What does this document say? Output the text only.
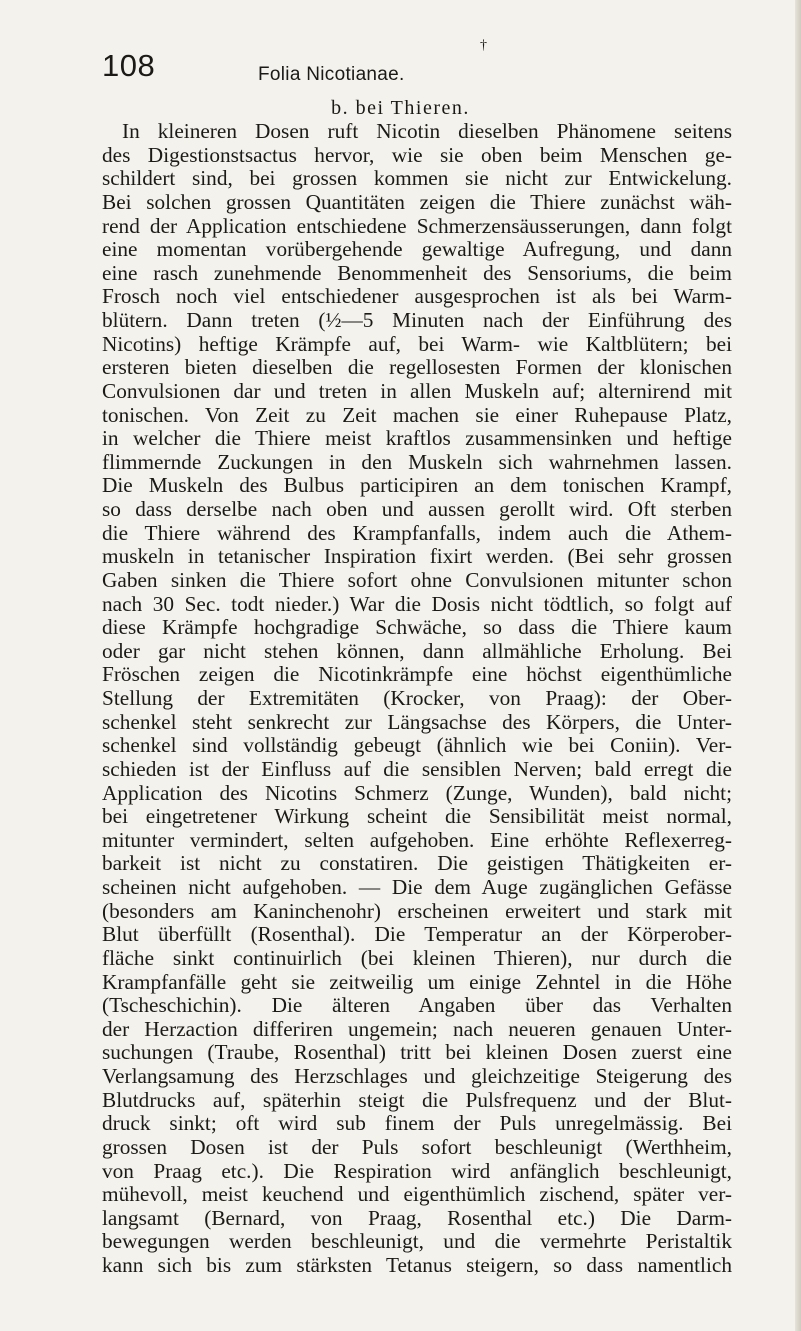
†
108	Folia Nicotianae.
b. bei Thieren.
In kleineren Dosen ruft Nicotin dieselben Phänomene seitens
des Digestionstsactus hervor, wie sie oben beim Menschen ge-
schildert sind, bei grossen kommen sie nicht zur Entwickelung.
Bei solchen grossen Quantitäten zeigen die Thiere zunächst wäh-
rend der Application entschiedene Schmerzensäusserungen, dann folgt
eine momentan vorübergehende gewaltige Aufregung, und dann
eine rasch zunehmende Benommenheit des Sensoriums, die beim
Frosch noch viel entschiedener ausgesprochen ist als bei Warm-
blütern. Dann treten (½—5 Minuten nach der Einführung des
Nicotins) heftige Krämpfe auf, bei Warm- wie Kaltblütern; bei
ersteren bieten dieselben die regellosesten Formen der klonischen
Convulsionen dar und treten in allen Muskeln auf; alternirend mit
tonischen. Von Zeit zu Zeit machen sie einer Ruhepause Platz,
in welcher die Thiere meist kraftlos zusammensinken und heftige
flimmernde Zuckungen in den Muskeln sich wahrnehmen lassen.
Die Muskeln des Bulbus participiren an dem tonischen Krampf,
so dass derselbe nach oben und aussen gerollt wird. Oft sterben
die Thiere während des Krampfanfalls, indem auch die Athem-
muskeln in tetanischer Inspiration fixirt werden. (Bei sehr grossen
Gaben sinken die Thiere sofort ohne Convulsionen mitunter schon
nach 30 Sec. todt nieder.) War die Dosis nicht tödtlich, so folgt auf
diese Krämpfe hochgradige Schwäche, so dass die Thiere kaum
oder gar nicht stehen können, dann allmähliche Erholung. Bei
Fröschen zeigen die Nicotinkrämpfe eine höchst eigenthümliche
Stellung der Extremitäten (Krocker, von Praag): der Ober-
schenkel steht senkrecht zur Längsachse des Körpers, die Unter-
schenkel sind vollständig gebeugt (ähnlich wie bei Coniin). Ver-
schieden ist der Einfluss auf die sensiblen Nerven; bald erregt die
Application des Nicotins Schmerz (Zunge, Wunden), bald nicht;
bei eingetretener Wirkung scheint die Sensibilität meist normal,
mitunter vermindert, selten aufgehoben. Eine erhöhte Reflexerreg-
barkeit ist nicht zu constatiren. Die geistigen Thätigkeiten er-
scheinen nicht aufgehoben. — Die dem Auge zugänglichen Gefässe
(besonders am Kaninchenohr) erscheinen erweitert und stark mit
Blut überfüllt (Rosenthal). Die Temperatur an der Körperober-
fläche sinkt continuirlich (bei kleinen Thieren), nur durch die
Krampfanfälle geht sie zeitweilig um einige Zehntel in die Höhe
(Tscheschichin). Die älteren Angaben über das Verhalten
der Herzaction differiren ungemein; nach neueren genauen Unter-
suchungen (Traube, Rosenthal) tritt bei kleinen Dosen zuerst eine
Verlangsamung des Herzschlages und gleichzeitige Steigerung des
Blutdrucks auf, späterhin steigt die Pulsfrequenz und der Blut-
druck sinkt; oft wird sub finem der Puls unregelmässig. Bei
grossen Dosen ist der Puls sofort beschleunigt (Werthheim,
von Praag etc.). Die Respiration wird anfänglich beschleunigt,
mühevoll, meist keuchend und eigenthümlich zischend, später ver-
langsamt (Bernard, von Praag, Rosenthal etc.) Die Darm-
bewegungen werden beschleunigt, und die vermehrte Peristaltik
kann sich bis zum stärksten Tetanus steigern, so dass namentlich
